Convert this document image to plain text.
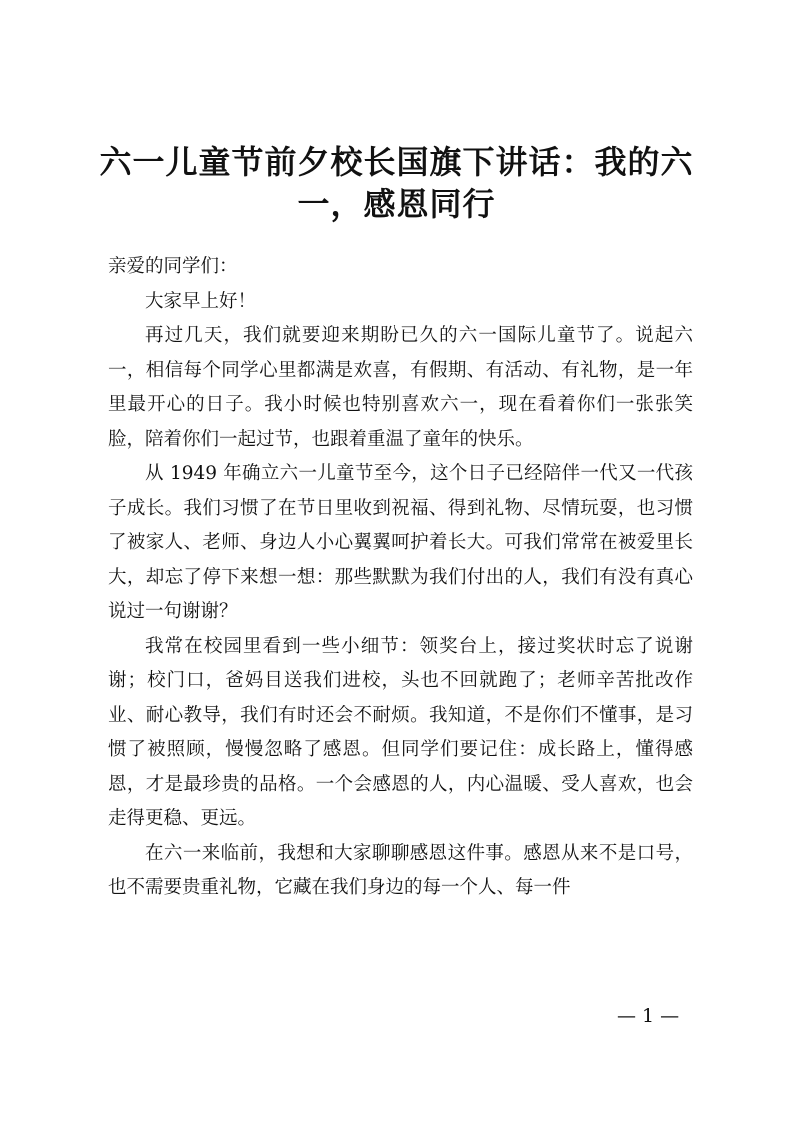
六一儿童节前夕校长国旗下讲话：我的六
一，感恩同行

亲爱的同学们：

大家早上好！

再过几天，我们就要迎来期盼已久的六一国际儿童节了。说起六一，相信每个同学心里都满是欢喜，有假期、有活动、有礼物，是一年里最开心的日子。我小时候也特别喜欢六一，现在看着你们一张张笑脸，陪着你们一起过节，也跟着重温了童年的快乐。

从 1949 年确立六一儿童节至今，这个日子已经陪伴一代又一代孩子成长。我们习惯了在节日里收到祝福、得到礼物、尽情玩耍，也习惯了被家人、老师、身边人小心翼翼呵护着长大。可我们常常在被爱里长大，却忘了停下来想一想：那些默默为我们付出的人，我们有没有真心说过一句谢谢？

我常在校园里看到一些小细节：领奖台上，接过奖状时忘了说谢谢；校门口，爸妈目送我们进校，头也不回就跑了；老师辛苦批改作业、耐心教导，我们有时还会不耐烦。我知道，不是你们不懂事，是习惯了被照顾，慢慢忽略了感恩。但同学们要记住：成长路上，懂得感恩，才是最珍贵的品格。一个会感恩的人，内心温暖、受人喜欢，也会走得更稳、更远。

在六一来临前，我想和大家聊聊感恩这件事。感恩从来不是口号，也不需要贵重礼物，它藏在我们身边的每一个人、每一件

— 1 —
